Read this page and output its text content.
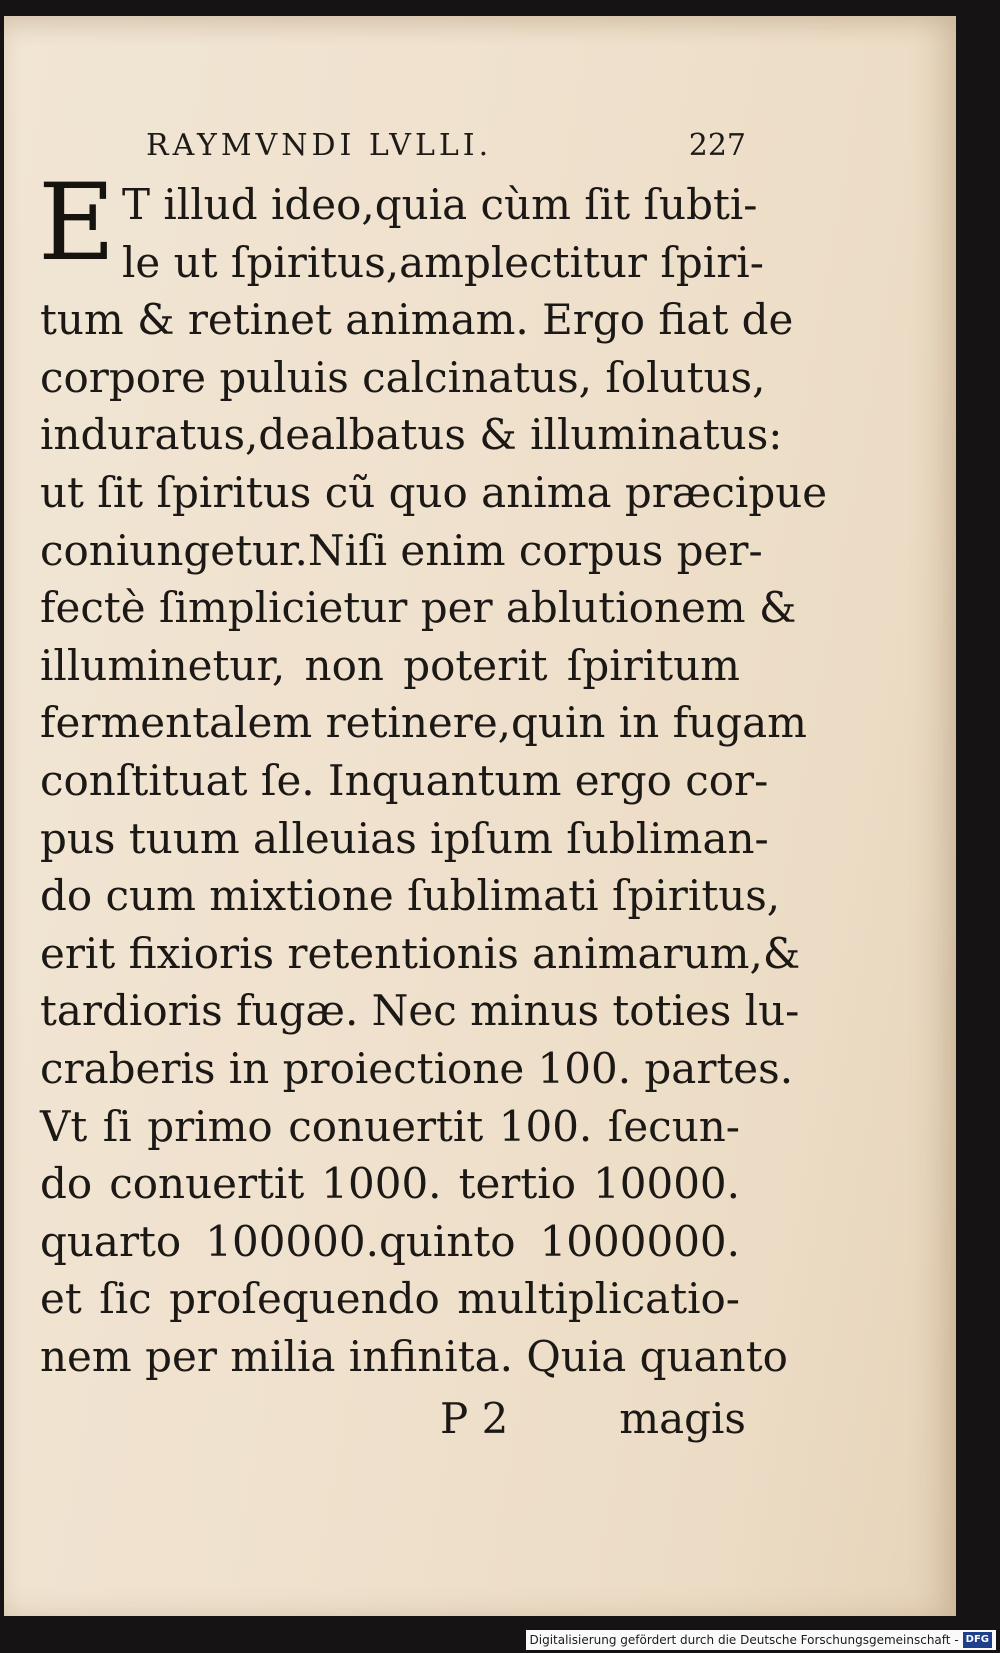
RAYMVNDI LVLLI.	227
E T illud ideo,quia cùm ſit ſubti-
le ut ſpiritus,amplectitur ſpiri-
tum & retinet animam. Ergo fiat de
corpore puluis calcinatus, ſolutus,
induratus,dealbatus & illuminatus:
ut ſit ſpiritus cũ quo anima præcipue
coniungetur.Niſi enim corpus per-
fectè ſimplicietur per ablutionem &
illuminetur, non poterit ſpiritum
fermentalem retinere,quin in fugam
conſtituat ſe. Inquantum ergo cor-
pus tuum alleuias ipſum ſubliman-
do cum mixtione ſublimati ſpiritus,
erit fixioris retentionis animarum,&
tardioris fugæ. Nec minus toties lu-
craberis in proiectione 100. partes.
Vt ſi primo conuertit 100. ſecun-
do conuertit 1000. tertio 10000.
quarto 100000.quinto 1000000.
et ſic proſequendo multiplicatio-
nem per milia infinita. Quia quanto
P 2	magis
Digitalisierung gefördert durch die Deutsche Forschungsgemeinschaft - DFG
